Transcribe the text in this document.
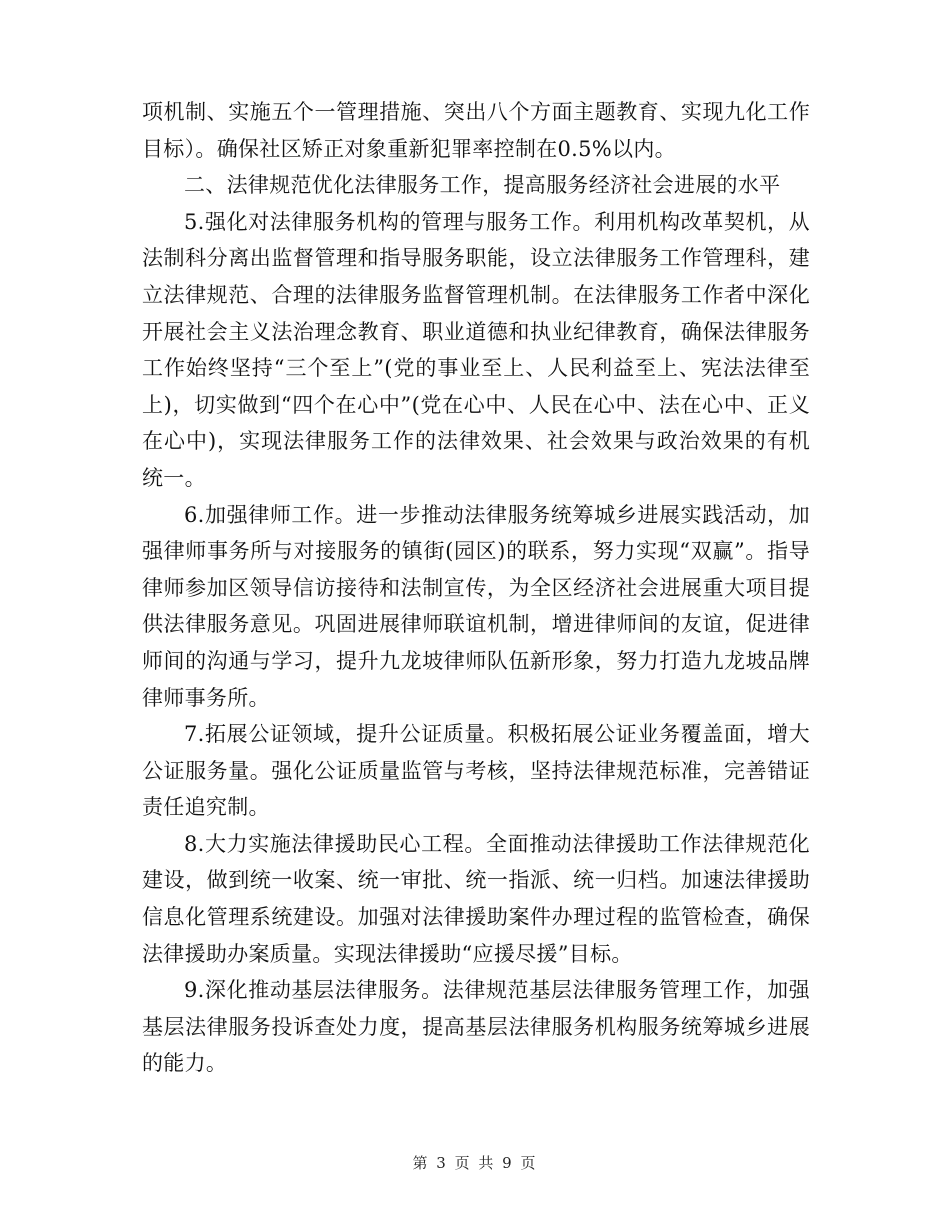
项机制、实施五个一管理措施、突出八个方面主题教育、实现九化工作目标）。确保社区矫正对象重新犯罪率控制在0.5%以内。

二、法律规范优化法律服务工作，提高服务经济社会进展的水平

5.强化对法律服务机构的管理与服务工作。利用机构改革契机，从法制科分离出监督管理和指导服务职能，设立法律服务工作管理科，建立法律规范、合理的法律服务监督管理机制。在法律服务工作者中深化开展社会主义法治理念教育、职业道德和执业纪律教育，确保法律服务工作始终坚持“三个至上”(党的事业至上、人民利益至上、宪法法律至上)，切实做到“四个在心中”(党在心中、人民在心中、法在心中、正义在心中)，实现法律服务工作的法律效果、社会效果与政治效果的有机统一。

6.加强律师工作。进一步推动法律服务统筹城乡进展实践活动，加强律师事务所与对接服务的镇街(园区)的联系，努力实现“双赢”。指导律师参加区领导信访接待和法制宣传，为全区经济社会进展重大项目提供法律服务意见。巩固进展律师联谊机制，增进律师间的友谊，促进律师间的沟通与学习，提升九龙坡律师队伍新形象，努力打造九龙坡品牌律师事务所。

7.拓展公证领域，提升公证质量。积极拓展公证业务覆盖面，增大公证服务量。强化公证质量监管与考核，坚持法律规范标准，完善错证责任追究制。

8.大力实施法律援助民心工程。全面推动法律援助工作法律规范化建设，做到统一收案、统一审批、统一指派、统一归档。加速法律援助信息化管理系统建设。加强对法律援助案件办理过程的监管检查，确保法律援助办案质量。实现法律援助“应援尽援”目标。

9.深化推动基层法律服务。法律规范基层法律服务管理工作，加强基层法律服务投诉查处力度，提高基层法律服务机构服务统筹城乡进展的能力。

第 3 页 共 9 页
